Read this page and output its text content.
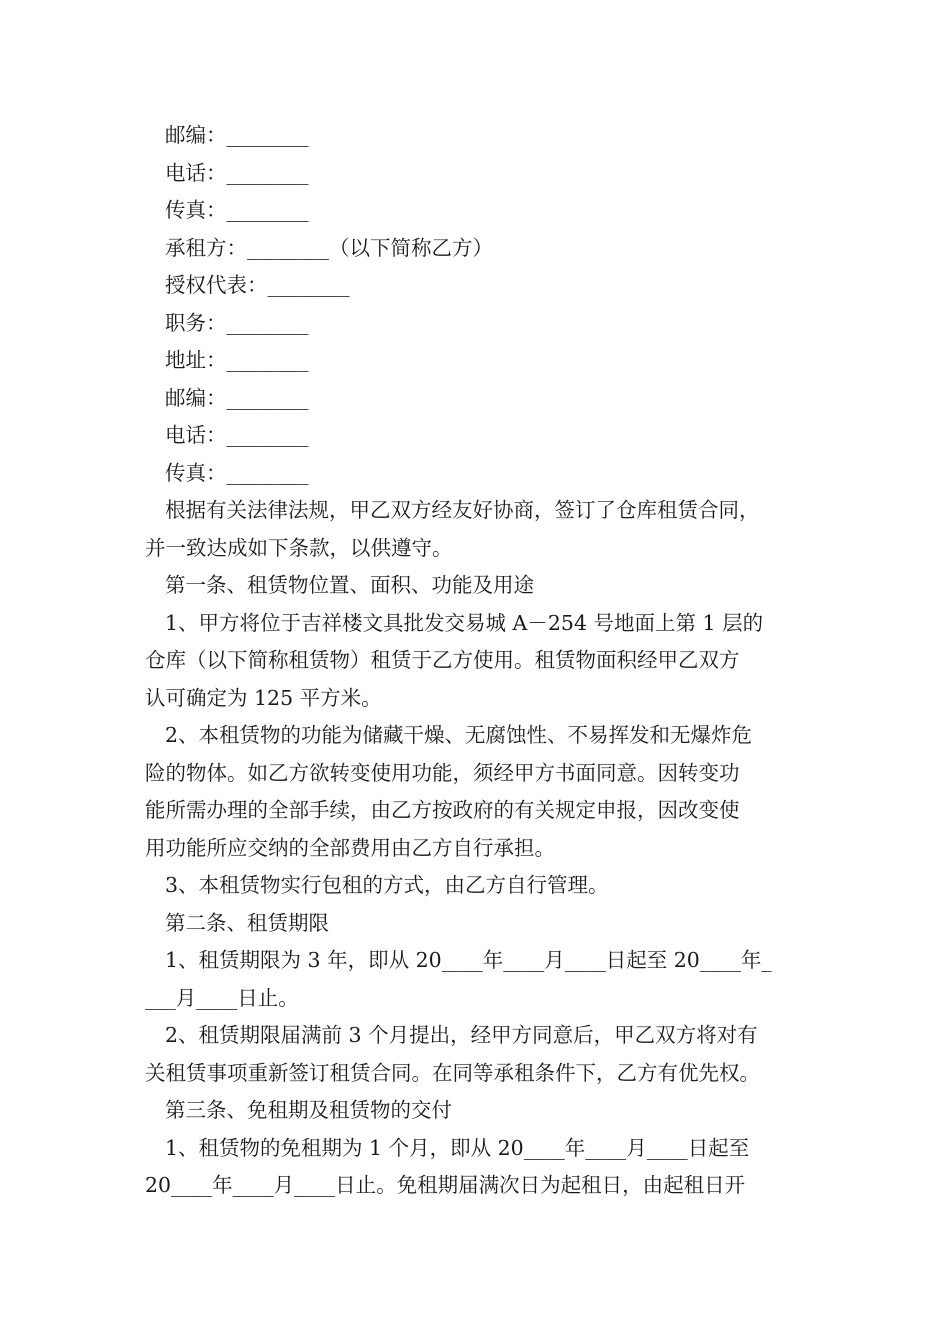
邮编：________

电话：________

传真：________

承租方：________（以下简称乙方）

授权代表：________

职务：________

地址：________

邮编：________

电话：________

传真：________

根据有关法律法规，甲乙双方经友好协商，签订了仓库租赁合同，

并一致达成如下条款，以供遵守。

第一条、租赁物位置、面积、功能及用途

1、甲方将位于吉祥楼文具批发交易城 A－254 号地面上第 1 层的

仓库（以下简称租赁物）租赁于乙方使用。租赁物面积经甲乙双方

认可确定为 125 平方米。

2、本租赁物的功能为储藏干燥、无腐蚀性、不易挥发和无爆炸危

险的物体。如乙方欲转变使用功能，须经甲方书面同意。因转变功

能所需办理的全部手续，由乙方按政府的有关规定申报，因改变使

用功能所应交纳的全部费用由乙方自行承担。

3、本租赁物实行包租的方式，由乙方自行管理。

第二条、租赁期限

1、租赁期限为 3 年，即从 20____年____月____日起至 20____年_

___月____日止。

2、租赁期限届满前 3 个月提出，经甲方同意后，甲乙双方将对有

关租赁事项重新签订租赁合同。在同等承租条件下，乙方有优先权。

第三条、免租期及租赁物的交付

1、租赁物的免租期为 1 个月，即从 20____年____月____日起至

20____年____月____日止。免租期届满次日为起租日，由起租日开
